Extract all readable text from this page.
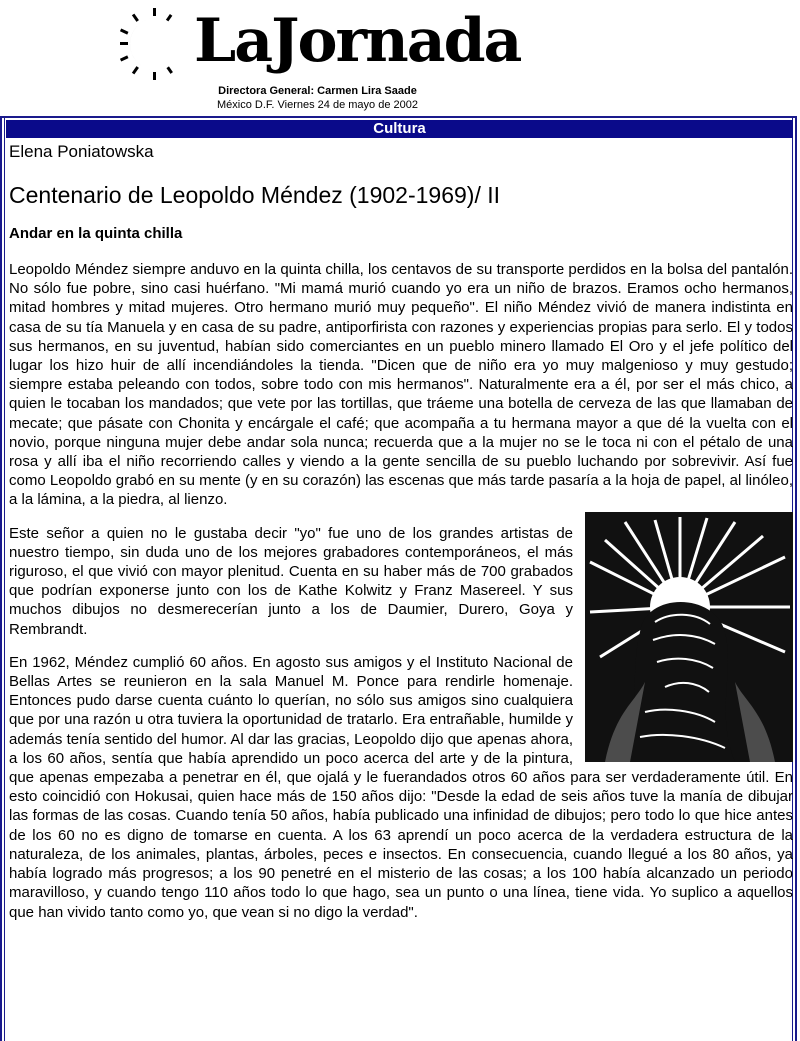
LaJornada
Directora General: Carmen Lira Saade
México D.F. Viernes 24 de mayo de 2002
Cultura

Elena Poniatowska

Centenario de Leopoldo Méndez (1902-1969)/ II

Andar en la quinta chilla

Leopoldo Méndez siempre anduvo en la quinta chilla, los centavos de su transporte perdidos en la bolsa del pantalón. No sólo fue pobre, sino casi huérfano. "Mi mamá murió cuando yo era un niño de brazos. Eramos ocho hermanos, mitad hombres y mitad mujeres. Otro hermano murió muy pequeño". El niño Méndez vivió de manera indistinta en casa de su tía Manuela y en casa de su padre, antiporfirista con razones y experiencias propias para serlo. El y todos sus hermanos, en su juventud, habían sido comerciantes en un pueblo minero llamado El Oro y el jefe político del lugar los hizo huir de allí incendiándoles la tienda. "Dicen que de niño era yo muy malgenioso y muy gestudo; siempre estaba peleando con todos, sobre todo con mis hermanos". Naturalmente era a él, por ser el más chico, a quien le tocaban los mandados; que vete por las tortillas, que tráeme una botella de cerveza de las que llamaban de mecate; que pásate con Chonita y encárgale el café; que acompaña a tu hermana mayor a que dé la vuelta con el novio, porque ninguna mujer debe andar sola nunca; recuerda que a la mujer no se le toca ni con el pétalo de una rosa y allí iba el niño recorriendo calles y viendo a la gente sencilla de su pueblo luchando por sobrevivir. Así fue como Leopoldo grabó en su mente (y en su corazón) las escenas que más tarde pasaría a la hoja de papel, al linóleo, a la lámina, a la piedra, al lienzo.

Este señor a quien no le gustaba decir "yo" fue uno de los grandes artistas de nuestro tiempo, sin duda uno de los mejores grabadores contemporáneos, el más riguroso, el que vivió con mayor plenitud. Cuenta en su haber más de 700 grabados que podrían exponerse junto con los de Kathe Kolwitz y Franz Masereel. Y sus muchos dibujos no desmerecerían junto a los de Daumier, Durero, Goya y Rembrandt.

En 1962, Méndez cumplió 60 años. En agosto sus amigos y el Instituto Nacional de Bellas Artes se reunieron en la sala Manuel M. Ponce para rendirle homenaje. Entonces pudo darse cuenta cuánto lo querían, no sólo sus amigos sino cualquiera que por una razón u otra tuviera la oportunidad de tratarlo. Era entrañable, humilde y además tenía sentido del humor. Al dar las gracias, Leopoldo dijo que apenas ahora, a los 60 años, sentía que había aprendido un poco acerca del arte y de la pintura, que apenas empezaba a penetrar en él, que ojalá y le fuerandados otros 60 años para ser verdaderamente útil. En esto coincidió con Hokusai, quien hace más de 150 años dijo: "Desde la edad de seis años tuve la manía de dibujar las formas de las cosas. Cuando tenía 50 años, había publicado una infinidad de dibujos; pero todo lo que hice antes de los 60 no es digno de tomarse en cuenta. A los 63 aprendí un poco acerca de la verdadera estructura de la naturaleza, de los animales, plantas, árboles, peces e insectos. En consecuencia, cuando llegué a los 80 años, ya había logrado más progresos; a los 90 penetré en el misterio de las cosas; a los 100 había alcanzado un periodo maravilloso, y cuando tengo 110 años todo lo que hago, sea un punto o una línea, tiene vida. Yo suplico a aquellos que han vivido tanto como yo, que vean si no digo la verdad".
